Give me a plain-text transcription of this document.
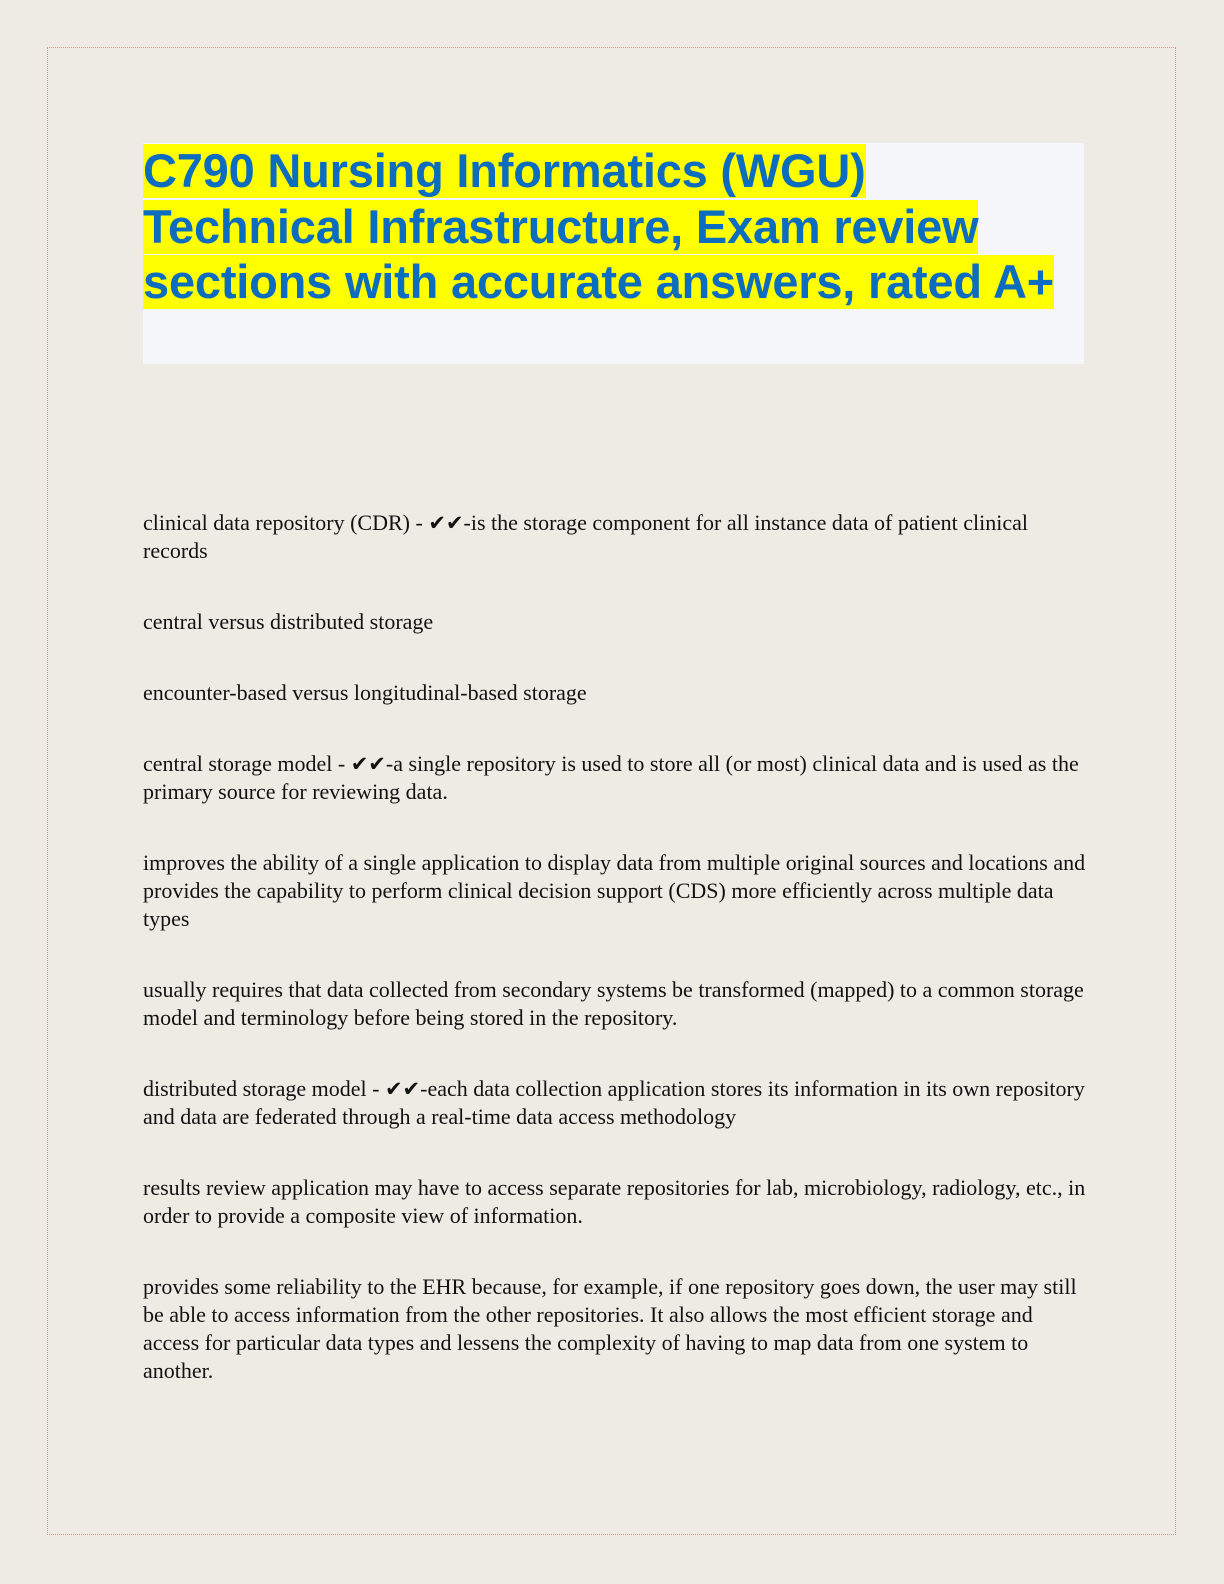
C790 Nursing Informatics (WGU) Technical Infrastructure, Exam review sections with accurate answers, rated A+

clinical data repository (CDR) - ✔✔-is the storage component for all instance data of patient clinical records

central versus distributed storage

encounter-based versus longitudinal-based storage

central storage model - ✔✔-a single repository is used to store all (or most) clinical data and is used as the primary source for reviewing data.

improves the ability of a single application to display data from multiple original sources and locations and provides the capability to perform clinical decision support (CDS) more efficiently across multiple data types

usually requires that data collected from secondary systems be transformed (mapped) to a common storage model and terminology before being stored in the repository.

distributed storage model - ✔✔-each data collection application stores its information in its own repository and data are federated through a real-time data access methodology

results review application may have to access separate repositories for lab, microbiology, radiology, etc., in order to provide a composite view of information.

provides some reliability to the EHR because, for example, if one repository goes down, the user may still be able to access information from the other repositories. It also allows the most efficient storage and access for particular data types and lessens the complexity of having to map data from one system to another.
